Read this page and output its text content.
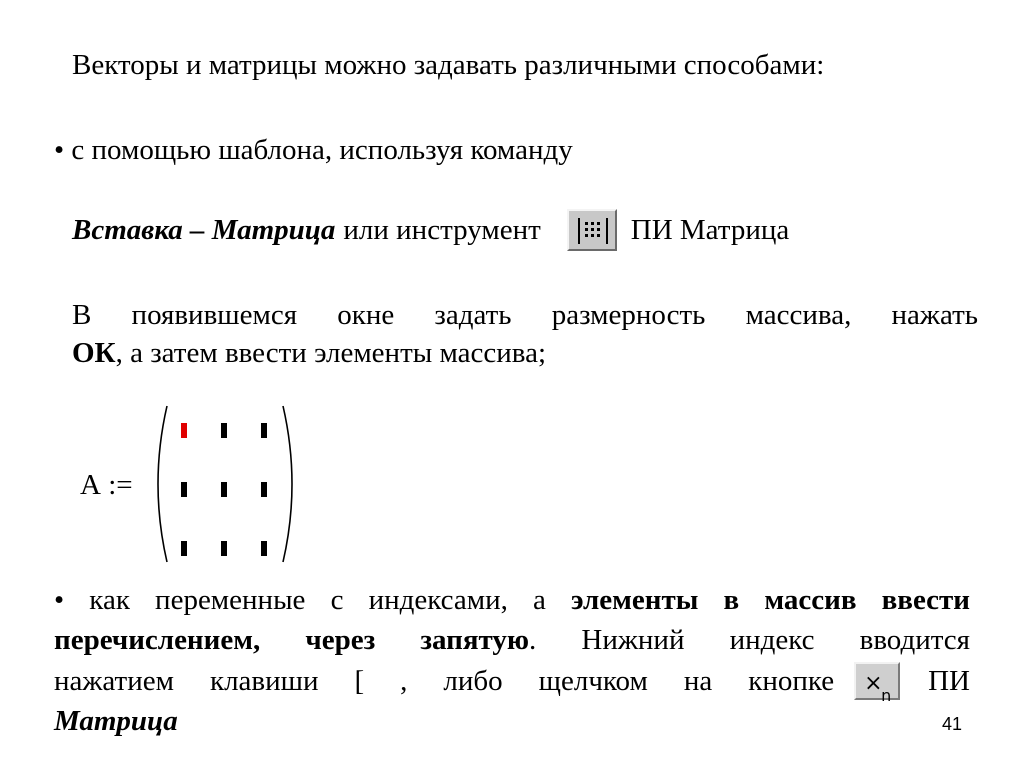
Векторы и матрицы можно задавать различными способами:
• с помощью шаблона, используя команду
Вставка – Матрица или инструмент	ПИ Матрица
В появившемся окне задать размерность массива, нажать
ОК, а затем ввести элементы массива;
А :=
• как переменные с индексами, а элементы в массив ввести
перечислением, через запятую. Нижний индекс вводится
нажатием клавиши [ , либо щелчком на кнопке ×
n ПИ
Матрица	41
